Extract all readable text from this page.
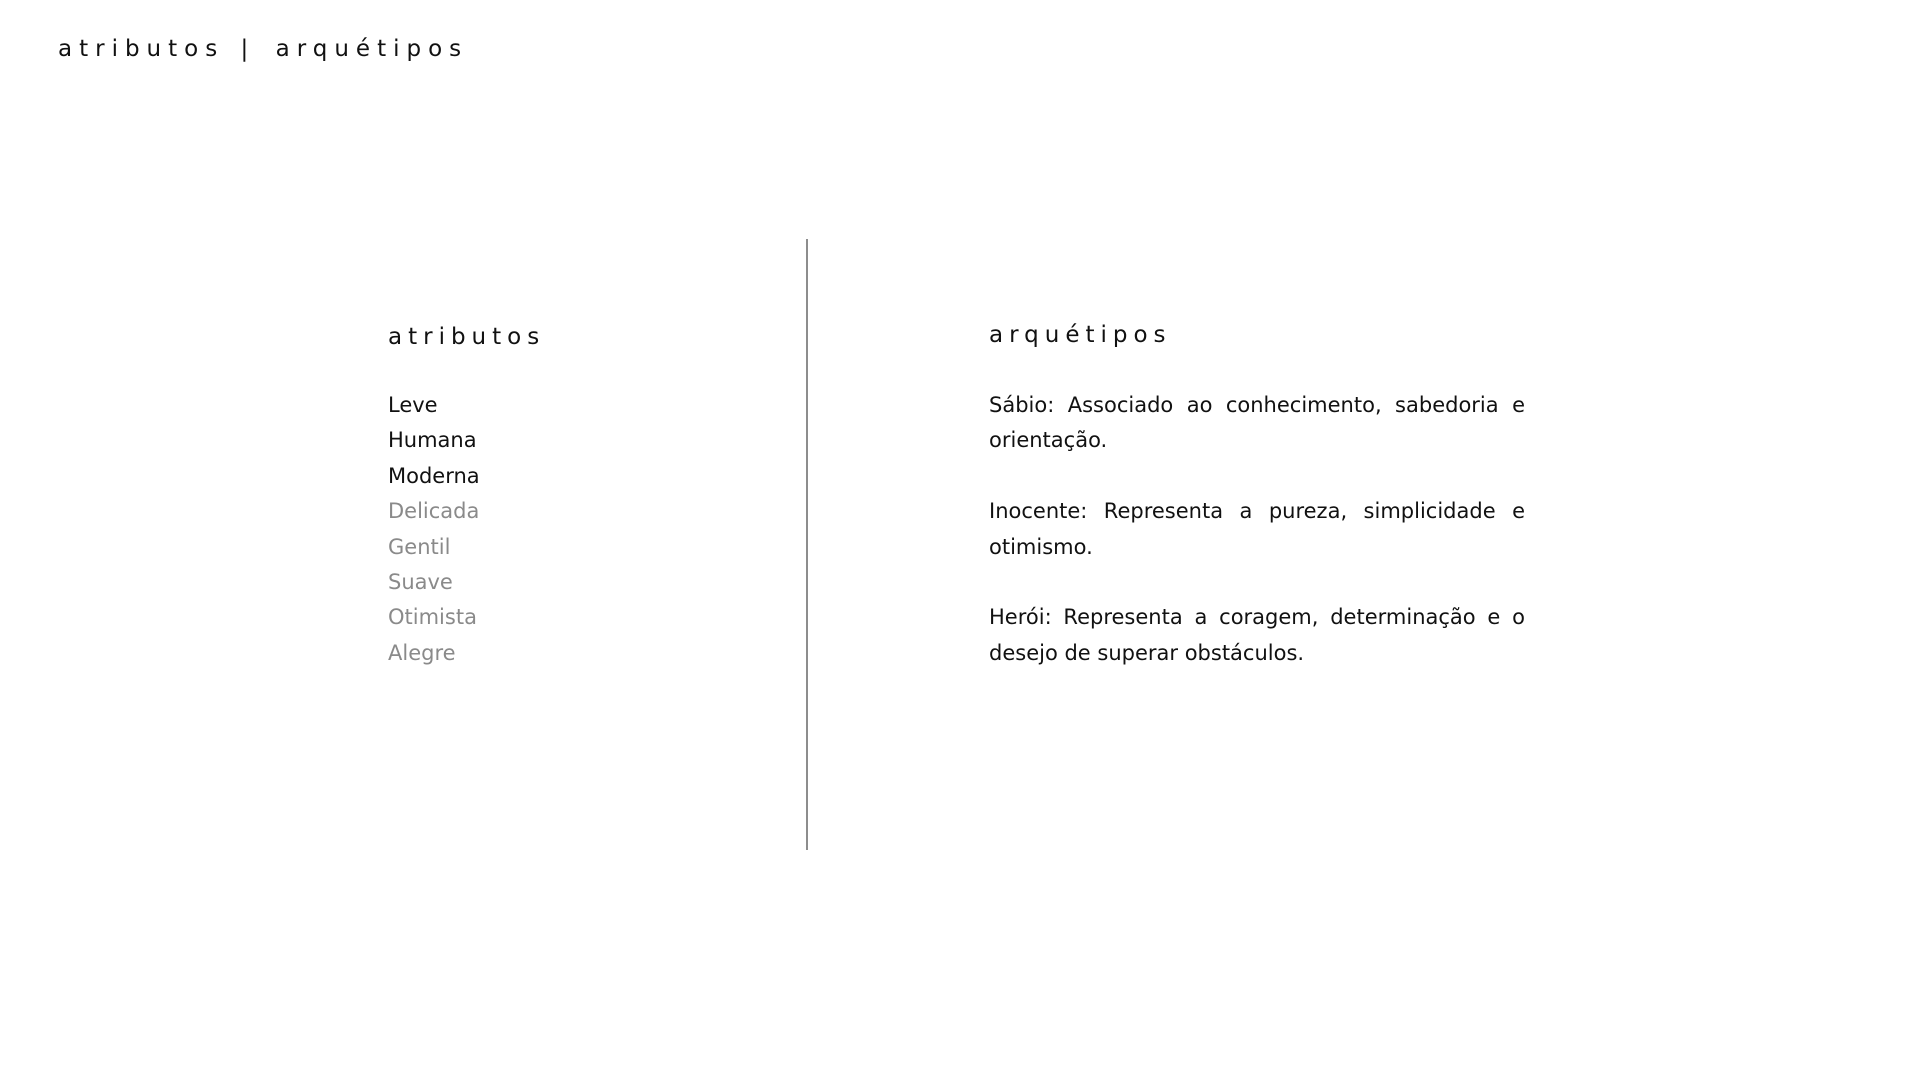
atributos | arquétipos
atributos
Leve
Humana
Moderna
Delicada
Gentil
Suave
Otimista
Alegre
arquétipos

Sábio: Associado ao conhecimento, sabedoria e orientação.

Inocente: Representa a pureza, simplicidade e otimismo.

Herói: Representa a coragem, determinação e o desejo de superar obstáculos.
